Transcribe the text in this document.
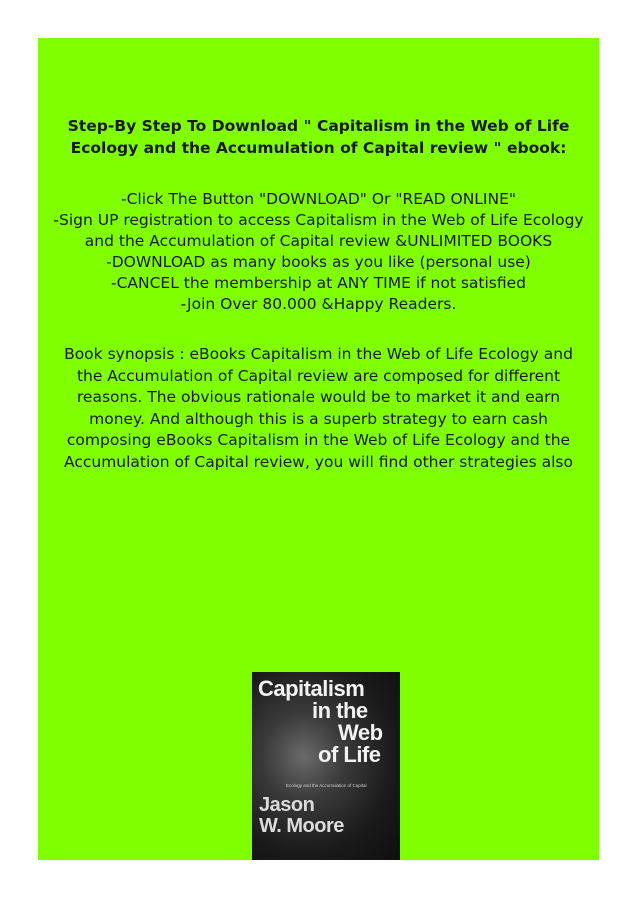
Step-By Step To Download " Capitalism in the Web of Life
Ecology and the Accumulation of Capital review " ebook:
-Click The Button "DOWNLOAD" Or "READ ONLINE"
-Sign UP registration to access Capitalism in the Web of Life Ecology
and the Accumulation of Capital review &UNLIMITED BOOKS
-DOWNLOAD as many books as you like (personal use)
-CANCEL the membership at ANY TIME if not satisfied
-Join Over 80.000 &Happy Readers.
Book synopsis : eBooks Capitalism in the Web of Life Ecology and
the Accumulation of Capital review are composed for different
reasons. The obvious rationale would be to market it and earn
money. And although this is a superb strategy to earn cash
composing eBooks Capitalism in the Web of Life Ecology and the
Accumulation of Capital review, you will find other strategies also
Capitalism
in the
Web
of Life
Ecology and the Accumulation of Capital
Jason
W. Moore
